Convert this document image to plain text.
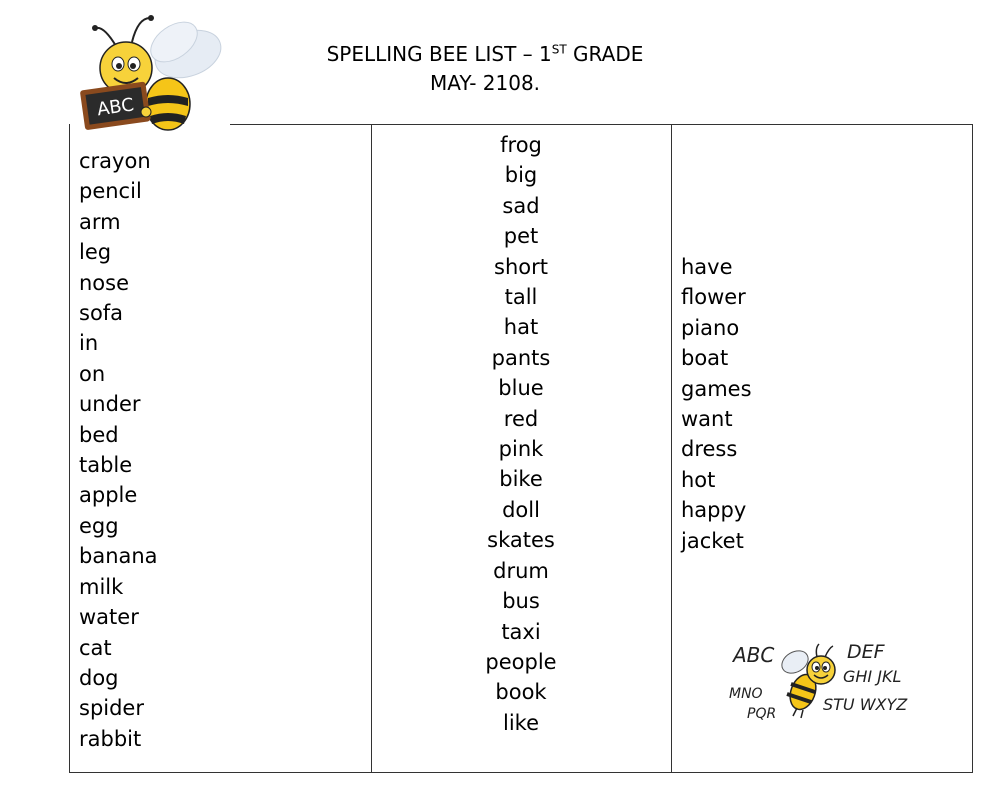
ABC
SPELLING BEE LIST – 1ST GRADE
MAY- 2108.
crayon
pencil
arm
leg
nose
sofa
in
on
under
bed
table
apple
egg
banana
milk
water
cat
dog
spider
rabbit
frog
big
sad
pet
short
tall
hat
pants
blue
red
pink
bike
doll
skates
drum
bus
taxi
people
book
like
have
flower
piano
boat
games
want
dress
hot
happy
jacket
ABC	DEF
MNO
GHI JKL
PQR	STU WXYZ
